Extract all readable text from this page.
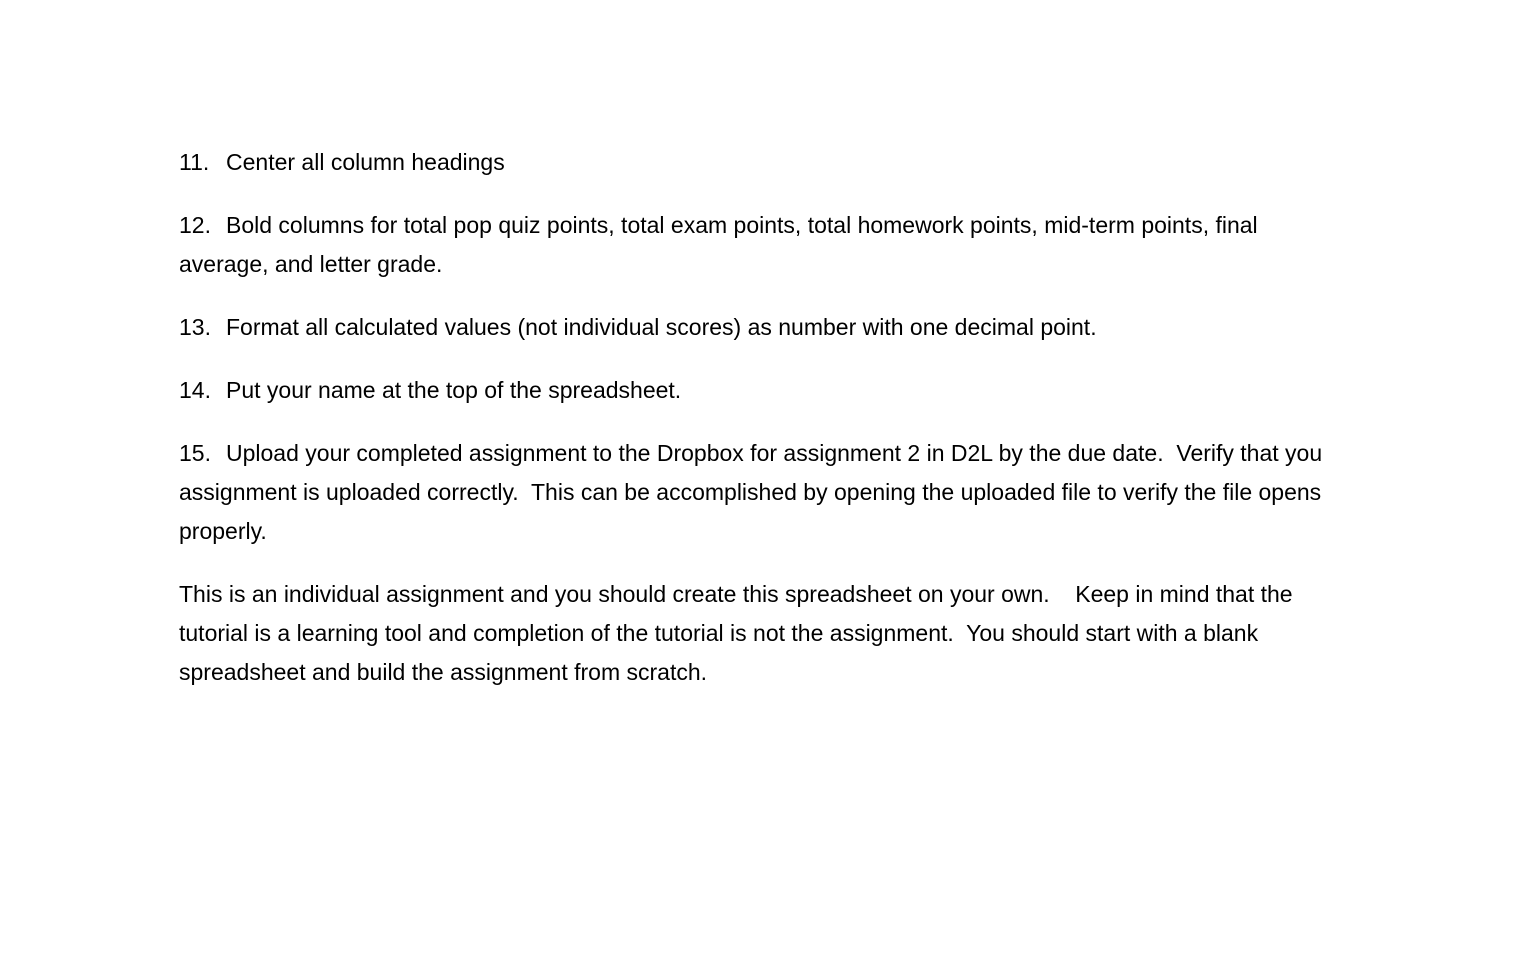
11. Center all column headings
12. Bold columns for total pop quiz points, total exam points, total homework points, mid-term points, final average, and letter grade.
13. Format all calculated values (not individual scores) as number with one decimal point.
14. Put your name at the top of the spreadsheet.
15. Upload your completed assignment to the Dropbox for assignment 2 in D2L by the due date.  Verify that you assignment is uploaded correctly.  This can be accomplished by opening the uploaded file to verify the file opens properly.

This is an individual assignment and you should create this spreadsheet on your own.    Keep in mind that the tutorial is a learning tool and completion of the tutorial is not the assignment.  You should start with a blank spreadsheet and build the assignment from scratch.
